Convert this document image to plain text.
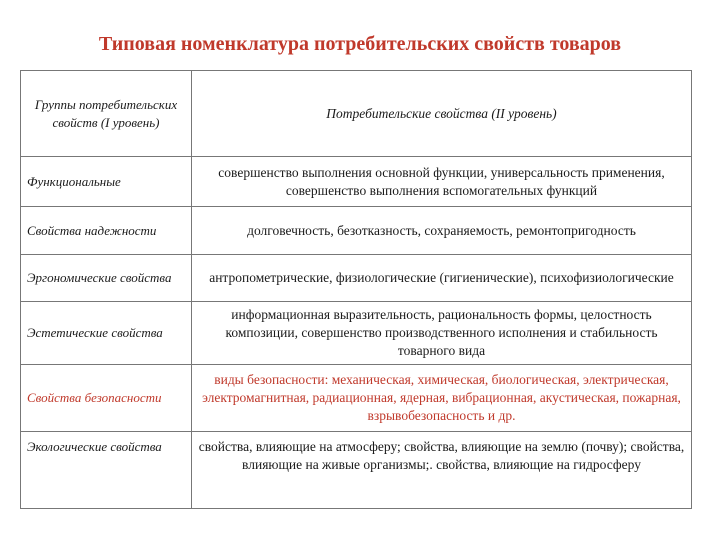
Типовая номенклатура потребительских свойств товаров
Группы потребительских свойств (I уровень)	Потребительские свойства (II уровень)
Функциональные	совершенство выполнения основной функции, универсальность применения, совершенство выполнения вспомогательных функций
Свойства надежности	долговечность, безотказность, сохраняемость, ремонтопригодность
Эргономические свойства	антропометрические, физиологические (гигиенические), психофизиологические
Эстетические свойства	информационная выразительность, рациональность формы, целостность композиции, совершенство производственного исполнения и стабильность товарного вида
Свойства безопасности	виды безопасности: механическая, химическая, биологическая, электрическая, электромагнитная, радиационная, ядерная, вибрационная, акустическая, пожарная, взрывобезопасность и др.
Экологические свойства	свойства, влияющие на атмосферу; свойства, влияющие на землю (почву); свойства, влияющие на живые организмы;. свойства, влияющие на гидросферу
